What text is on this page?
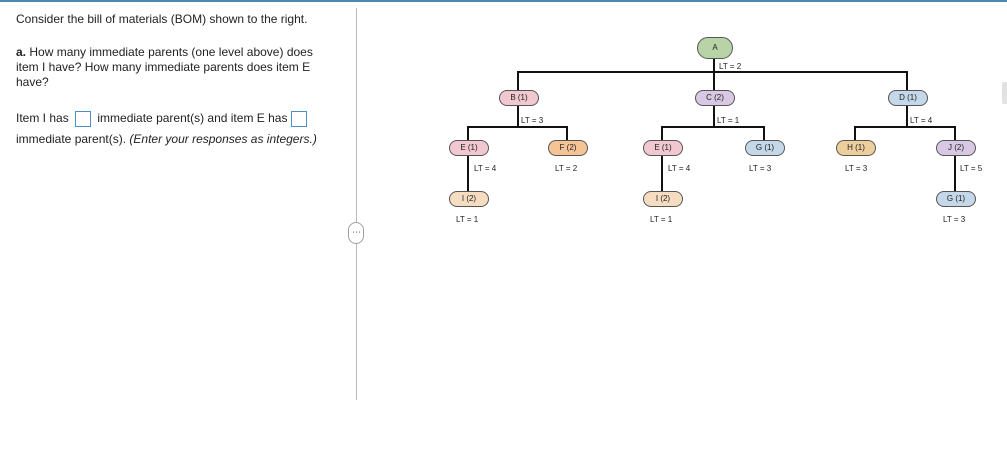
Consider the bill of materials (BOM) shown to the right.

a. How many immediate parents (one level above) does item I have? How many immediate parents does item E have?
Item I has immediate parent(s) and item E has  immediate parent(s). (Enter your responses as integers.)
⋯
A
LT = 2
B (1)
LT = 3
C (2)
LT = 1
D (1)
LT = 4
E (1)
LT = 4
F (2)
LT = 2
E (1)
LT = 4
G (1)
LT = 3
H (1)
LT = 3
J (2)
LT = 5
I (2)
LT = 1
I (2)
LT = 1
G (1)
LT = 3
